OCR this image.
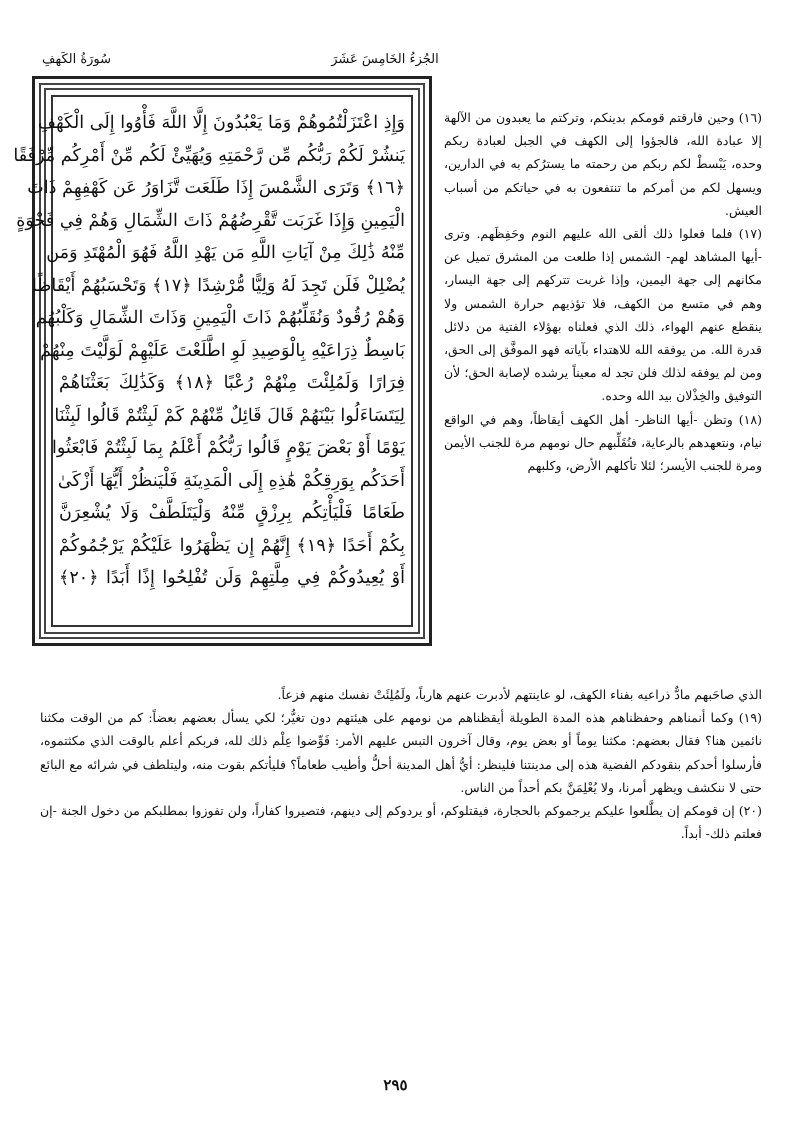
سُورَةُ الكَهفِ	الجُزءُ الخَامِسَ عَشَرَ
وَإِذِ اعْتَزَلْتُمُوهُمْ وَمَا يَعْبُدُونَ إِلَّا اللَّهَ فَأْوُوا إِلَى الْكَهْفِ
يَنشُرْ لَكُمْ رَبُّكُم مِّن رَّحْمَتِهِ وَيُهَيِّئْ لَكُم مِّنْ أَمْرِكُم مِّرْفَقًا
﴿١٦﴾ وَتَرَى الشَّمْسَ إِذَا طَلَعَت تَّزَاوَرُ عَن كَهْفِهِمْ ذَاتَ
الْيَمِينِ وَإِذَا غَرَبَت تَّقْرِضُهُمْ ذَاتَ الشِّمَالِ وَهُمْ فِي فَجْوَةٍ
مِّنْهُ ذَٰلِكَ مِنْ آيَاتِ اللَّهِ مَن يَهْدِ اللَّهُ فَهُوَ الْمُهْتَدِ وَمَن
يُضْلِلْ فَلَن تَجِدَ لَهُ وَلِيًّا مُّرْشِدًا ﴿١٧﴾ وَتَحْسَبُهُمْ أَيْقَاظًا
وَهُمْ رُقُودٌ وَنُقَلِّبُهُمْ ذَاتَ الْيَمِينِ وَذَاتَ الشِّمَالِ وَكَلْبُهُم
بَاسِطٌ ذِرَاعَيْهِ بِالْوَصِيدِ لَوِ اطَّلَعْتَ عَلَيْهِمْ لَوَلَّيْتَ مِنْهُمْ
فِرَارًا وَلَمُلِئْتَ مِنْهُمْ رُعْبًا ﴿١٨﴾ وَكَذَٰلِكَ بَعَثْنَاهُمْ
لِيَتَسَاءَلُوا بَيْنَهُمْ قَالَ قَائِلٌ مِّنْهُمْ كَمْ لَبِثْتُمْ قَالُوا لَبِثْنَا
يَوْمًا أَوْ بَعْضَ يَوْمٍ قَالُوا رَبُّكُمْ أَعْلَمُ بِمَا لَبِثْتُمْ فَابْعَثُوا
أَحَدَكُم بِوَرِقِكُمْ هَٰذِهِ إِلَى الْمَدِينَةِ فَلْيَنظُرْ أَيُّهَا أَزْكَىٰ
طَعَامًا فَلْيَأْتِكُم بِرِزْقٍ مِّنْهُ وَلْيَتَلَطَّفْ وَلَا يُشْعِرَنَّ
بِكُمْ أَحَدًا ﴿١٩﴾ إِنَّهُمْ إِن يَظْهَرُوا عَلَيْكُمْ يَرْجُمُوكُمْ
أَوْ يُعِيدُوكُمْ فِي مِلَّتِهِمْ وَلَن تُفْلِحُوا إِذًا أَبَدًا ﴿٢٠﴾

(١٦) وحين فارقتم قومكم بدينكم، وتركتم ما يعبدون من الآلهة إلا عبادة الله، فالجؤوا إلى الكهف في الجبل لعبادة ربكم وحده، يَبْسطْ لكم ربكم من رحمته ما يسترُكم به في الدارين، ويسهل لكم من أمركم ما تنتفعون به في حياتكم من أسباب العيش.

(١٧) فلما فعلوا ذلك ألقى الله عليهم النوم وحَفِظَهم. وترى -أيها المشاهد لهم- الشمس إذا طلعت من المشرق تميل عن مكانهم إلى جهة اليمين، وإذا غربت تتركهم إلى جهة اليسار، وهم في متسع من الكهف، فلا تؤذيهم حرارة الشمس ولا ينقطع عنهم الهواء، ذلك الذي فعلناه بهؤلاء الفتية من دلائل قدرة الله. من يوفقه الله للاهتداء بآياته فهو الموفَّق إلى الحق، ومن لم يوفقه لذلك فلن تجد له معيناً يرشده لإصابة الحق؛ لأن التوفيق والخِذْلان بيد الله وحده.

(١٨) وتظن -أيها الناظر- أهل الكهف أيقاظاً، وهم في الواقع نيام، ونتعهدهم بالرعاية، فنُقَلِّبهم حال نومهم مرة للجنب الأيمن ومرة للجنب الأيسر؛ لئلا تأكلهم الأرض، وكلبهم

الذي صاحَبهم مادٌّ ذراعيه بفناء الكهف، لو عاينتهم لأدبرت عنهم هارباً، ولَمُلِئَتْ نفسك منهم فزعاً.

(١٩) وكما أنمناهم وحفظناهم هذه المدة الطويلة أيقظناهم من نومهم على هيئتهم دون تغيُّر؛ لكي يسأل بعضهم بعضاً: كم من الوقت مكثنا نائمين هنا؟ فقال بعضهم: مكثنا يوماً أو بعض يوم، وقال آخرون التبس عليهم الأمر: فَوِّضوا عِلْم ذلك لله، فربكم أعلم بالوقت الذي مكثتموه، فأرسلوا أحدكم بنقودكم الفضية هذه إلى مدينتنا فلينظر: أيُّ أهل المدينة أحلُّ وأطيب طعاماً؟ فليأتكم بقوت منه، وليتلطف في شرائه مع البائع حتى لا ننكشف ويظهر أمرنا، ولا يُعْلِمَنَّ بكم أحداً من الناس.

(٢٠) إن قومكم إن يطَّلعوا عليكم يرجموكم بالحجارة، فيقتلوكم، أو يردوكم إلى دينهم، فتصيروا كفاراً، ولن تفوزوا بمطلبكم من دخول الجنة -إن فعلتم ذلك- أبداً.

٢٩٥
